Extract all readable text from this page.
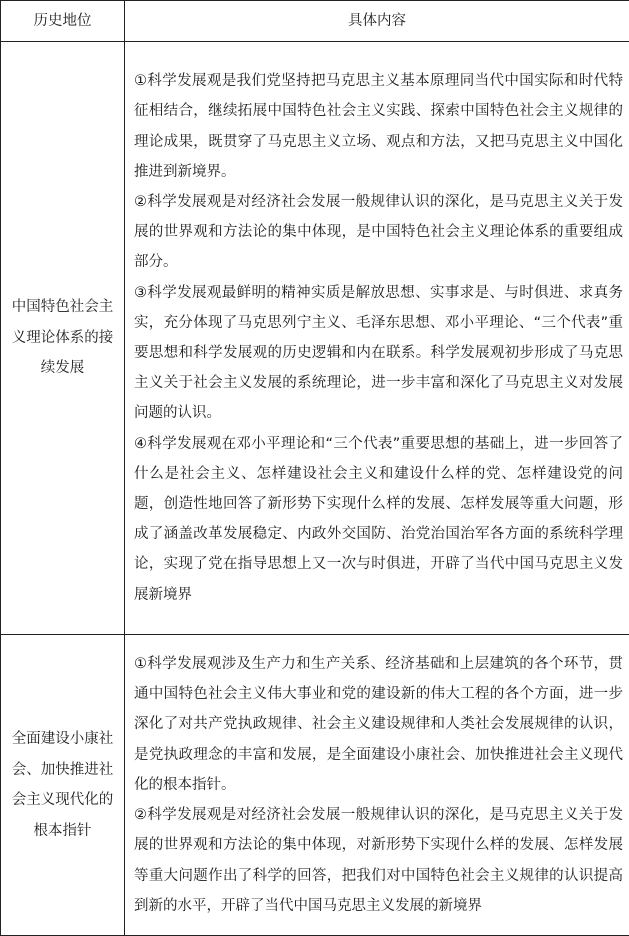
历史地位	具体内容
中国特色社会主义理论体系的接续发展	①科学发展观是我们党坚持把马克思主义基本原理同当代中国实际和时代特征相结合，继续拓展中国特色社会主义实践、探索中国特色社会主义规律的理论成果，既贯穿了马克思主义立场、观点和方法，又把马克思主义中国化推进到新境界。

②科学发展观是对经济社会发展一般规律认识的深化，是马克思主义关于发展的世界观和方法论的集中体现，是中国特色社会主义理论体系的重要组成部分。

③科学发展观最鲜明的精神实质是解放思想、实事求是、与时俱进、求真务实，充分体现了马克思列宁主义、毛泽东思想、邓小平理论、“三个代表”重要思想和科学发展观的历史逻辑和内在联系。科学发展观初步形成了马克思主义关于社会主义发展的系统理论，进一步丰富和深化了马克思主义对发展问题的认识。

④科学发展观在邓小平理论和“三个代表”重要思想的基础上，进一步回答了什么是社会主义、怎样建设社会主义和建设什么样的党、怎样建设党的问题，创造性地回答了新形势下实现什么样的发展、怎样发展等重大问题，形成了涵盖改革发展稳定、内政外交国防、治党治国治军各方面的系统科学理论，实现了党在指导思想上又一次与时俱进，开辟了当代中国马克思主义发展新境界

全面建设小康社会、加快推进社会主义现代化的根本指针	①科学发展观涉及生产力和生产关系、经济基础和上层建筑的各个环节，贯通中国特色社会主义伟大事业和党的建设新的伟大工程的各个方面，进一步深化了对共产党执政规律、社会主义建设规律和人类社会发展规律的认识，是党执政理念的丰富和发展，是全面建设小康社会、加快推进社会主义现代化的根本指针。

②科学发展观是对经济社会发展一般规律认识的深化，是马克思主义关于发展的世界观和方法论的集中体现，对新形势下实现什么样的发展、怎样发展等重大问题作出了科学的回答，把我们对中国特色社会主义规律的认识提高到新的水平，开辟了当代中国马克思主义发展的新境界
